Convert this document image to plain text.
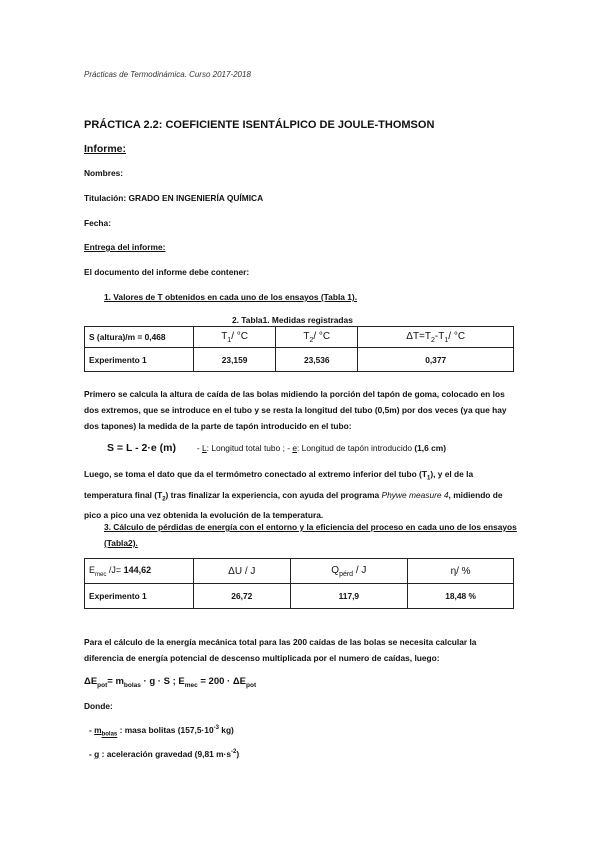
Prácticas de Termodinámica. Curso 2017-2018
PRÁCTICA 2.2: COEFICIENTE ISENTÁLPICO DE JOULE-THOMSON
Informe:
Nombres:
Titulación: GRADO EN INGENIERÍA QUÍMICA
Fecha:
Entrega del informe:
El documento del informe debe contener:
1. Valores de T obtenidos en cada uno de los ensayos (Tabla 1).
2. Tabla1. Medidas registradas
S (altura)/m = 0,468	$T_1/$ °C	$T_2/$ °C	$\Delta T=T_2-T_1/$ °C
Experimento 1	23,159	23,536	0,377
Primero se calcula la altura de caída de las bolas midiendo la porción del tapón de goma, colocado en los dos extremos, que se introduce en el tubo y se resta la longitud del tubo (0,5m) por dos veces (ya que hay dos tapones) la medida de la parte de tapón introducido en el tubo:
S = L - 2·e (m) - L: Longitud total tubo ; - e: Longitud de tapón introducido (1,6 cm)
Luego, se toma el dato que da el termómetro conectado al extremo inferior del tubo $(T_1)$, y el de la temperatura final $(T_2)$ tras finalizar la experiencia, con ayuda del programa Phywe measure 4, midiendo de pico a pico una vez obtenida la evolución de la temperatura.
3. Cálculo de pérdidas de energía con el entorno y la eficiencia del proceso en cada uno de los ensayos (Tabla2).
$E_{mec}$ /J= 144,62	ΔU / J	$Q_{pérd}$ / J	η/ %
Experimento 1	26,72	117,9	18,48 %
Para el cálculo de la energía mecánica total para las 200 caídas de las bolas se necesita calcular la diferencia de energía potencial de descenso multiplicada por el numero de caídas, luego:
$\Delta E_{pot}= m_{bolas} \cdot g \cdot S$ ; $E_{mec} = 200 \cdot \Delta E_{pot}$
Donde:
- $m_{bolas}$ : masa bolitas ($157,5\cdot 10^{-3}$ kg)
- g : aceleración gravedad (9,81 $m\cdot s^{-2}$)
